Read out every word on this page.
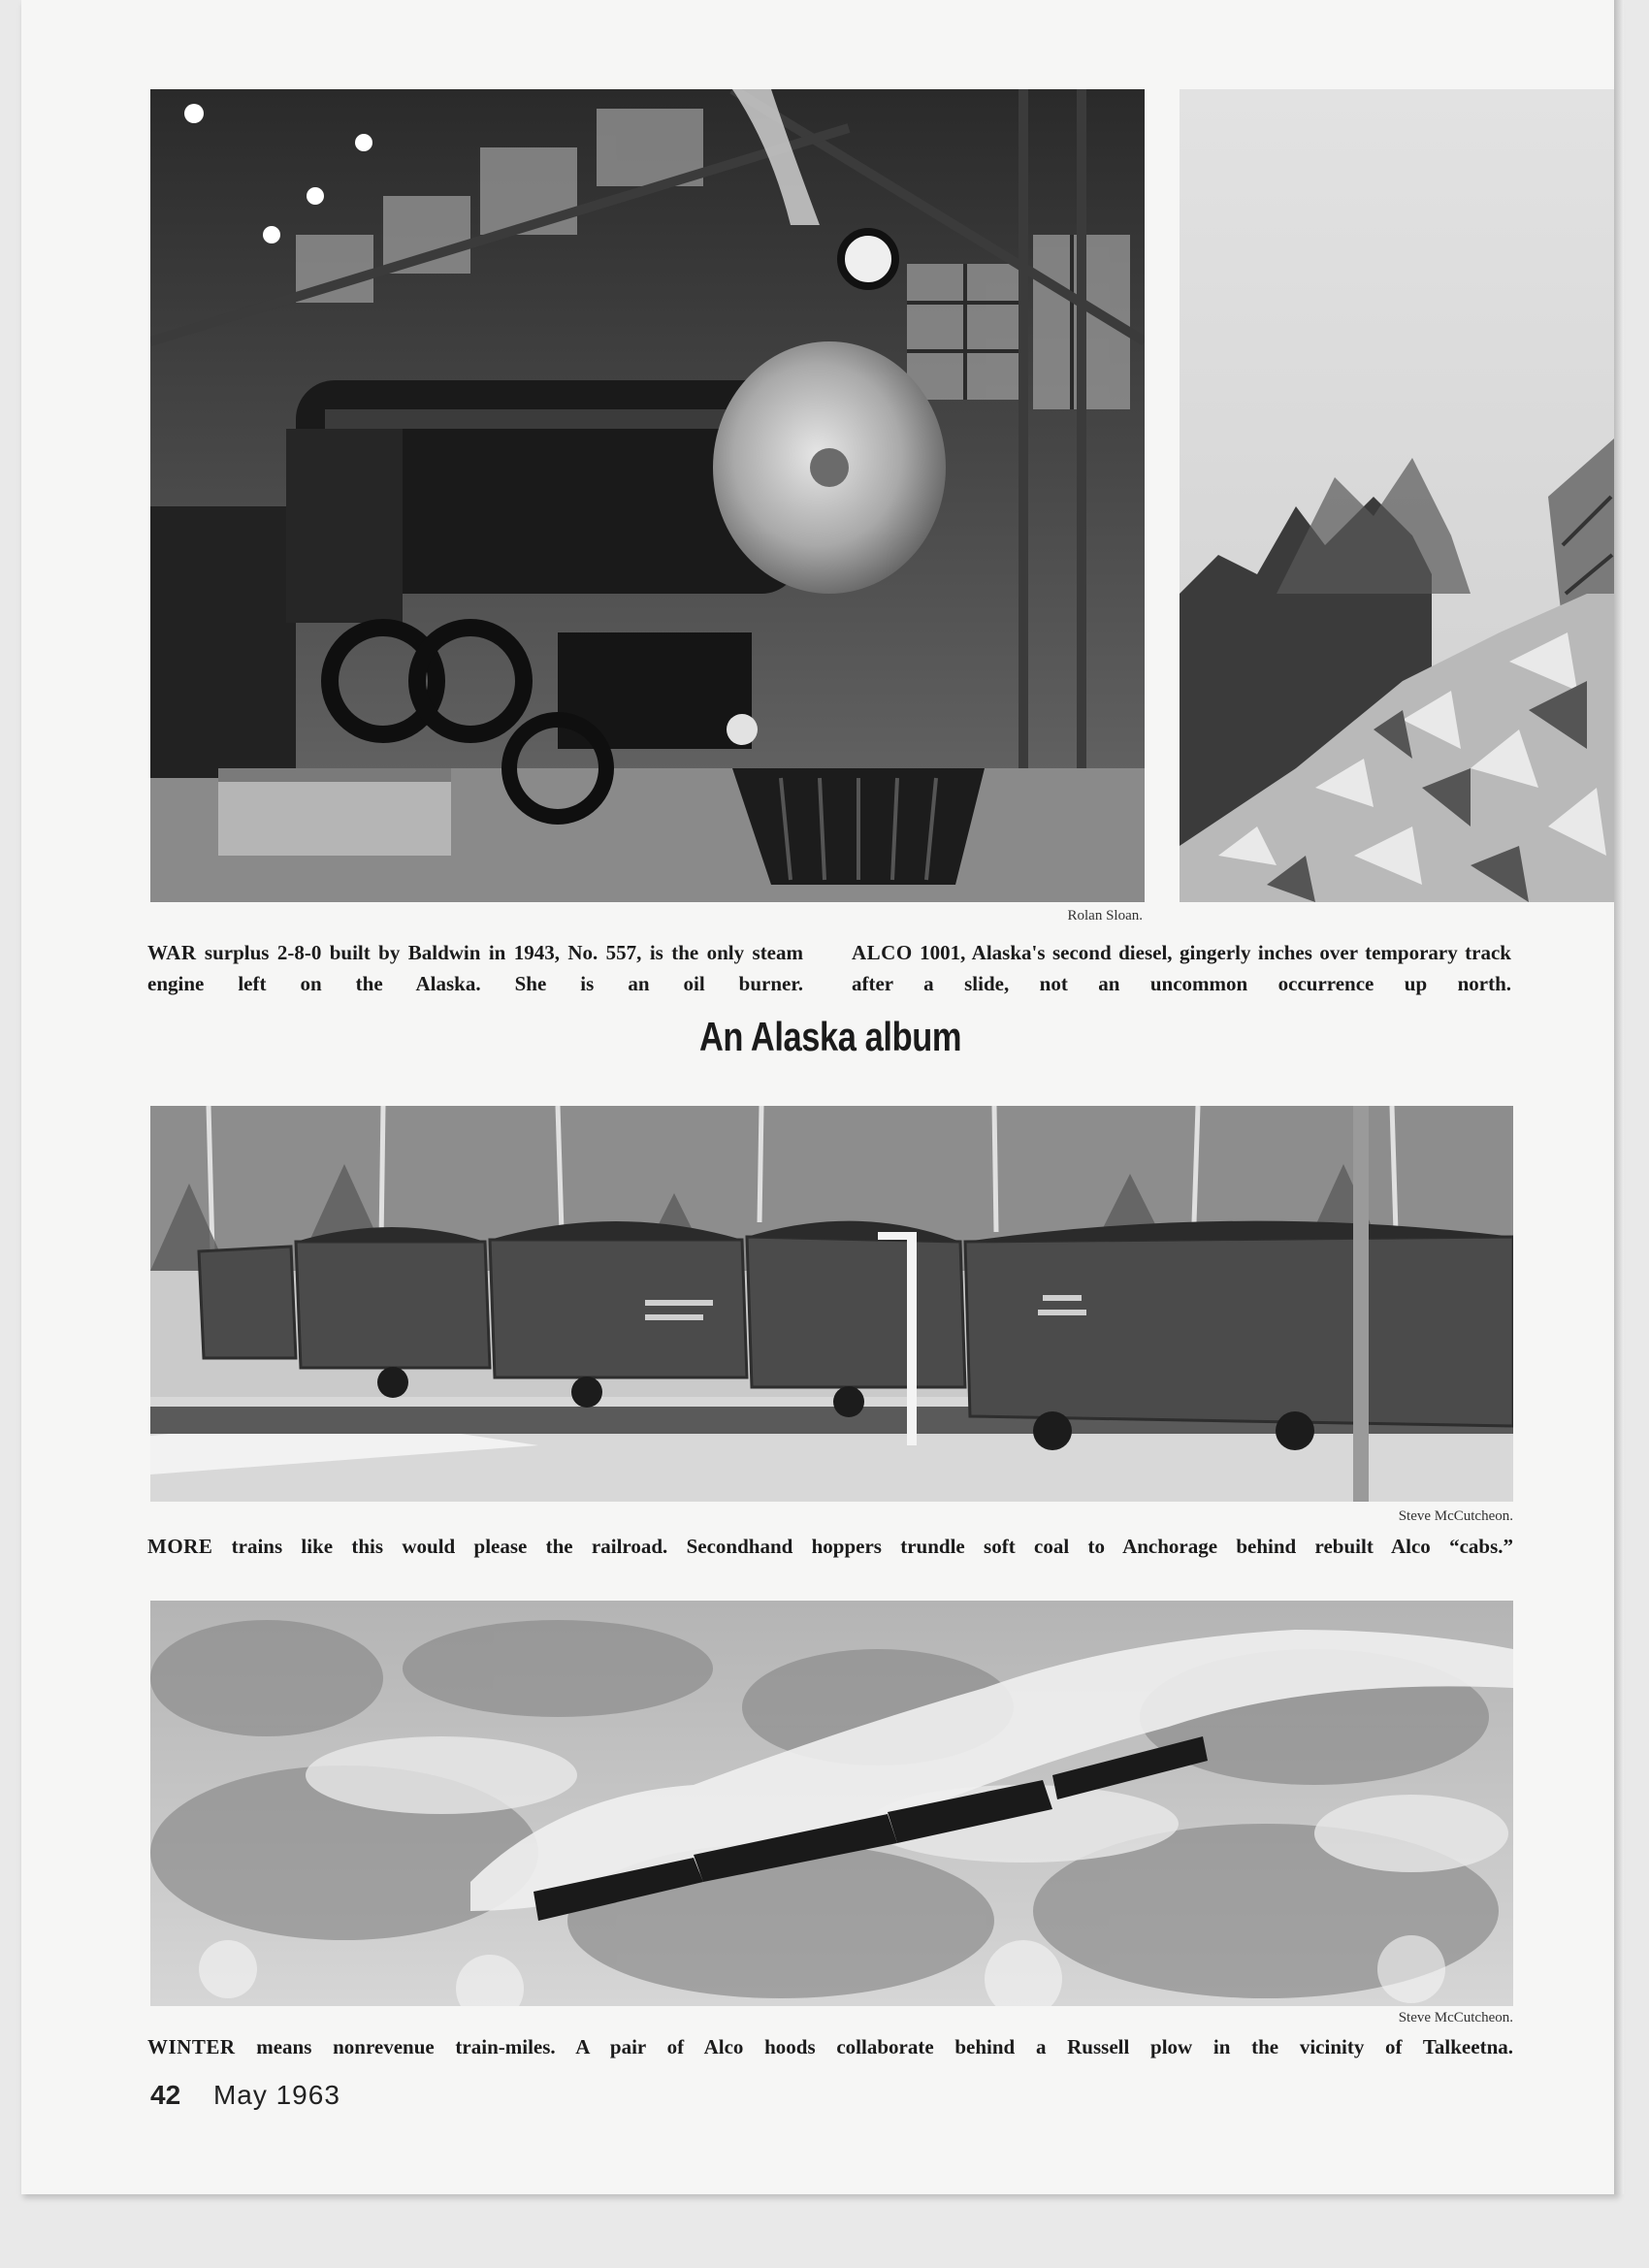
Rolan Sloan.
WAR surplus 2-8-0 built by Baldwin in 1943, No. 557, is the only steam engine left on the Alaska. She is an oil burner.
ALCO 1001, Alaska's second diesel, gingerly inches over temporary track after a slide, not an uncommon occurrence up north.
An Alaska album
Steve McCutcheon.
MORE trains like this would please the railroad. Secondhand hoppers trundle soft coal to Anchorage behind rebuilt Alco “cabs.”
Steve McCutcheon.
WINTER means nonrevenue train-miles. A pair of Alco hoods collaborate behind a Russell plow in the vicinity of Talkeetna.
42 May 1963
